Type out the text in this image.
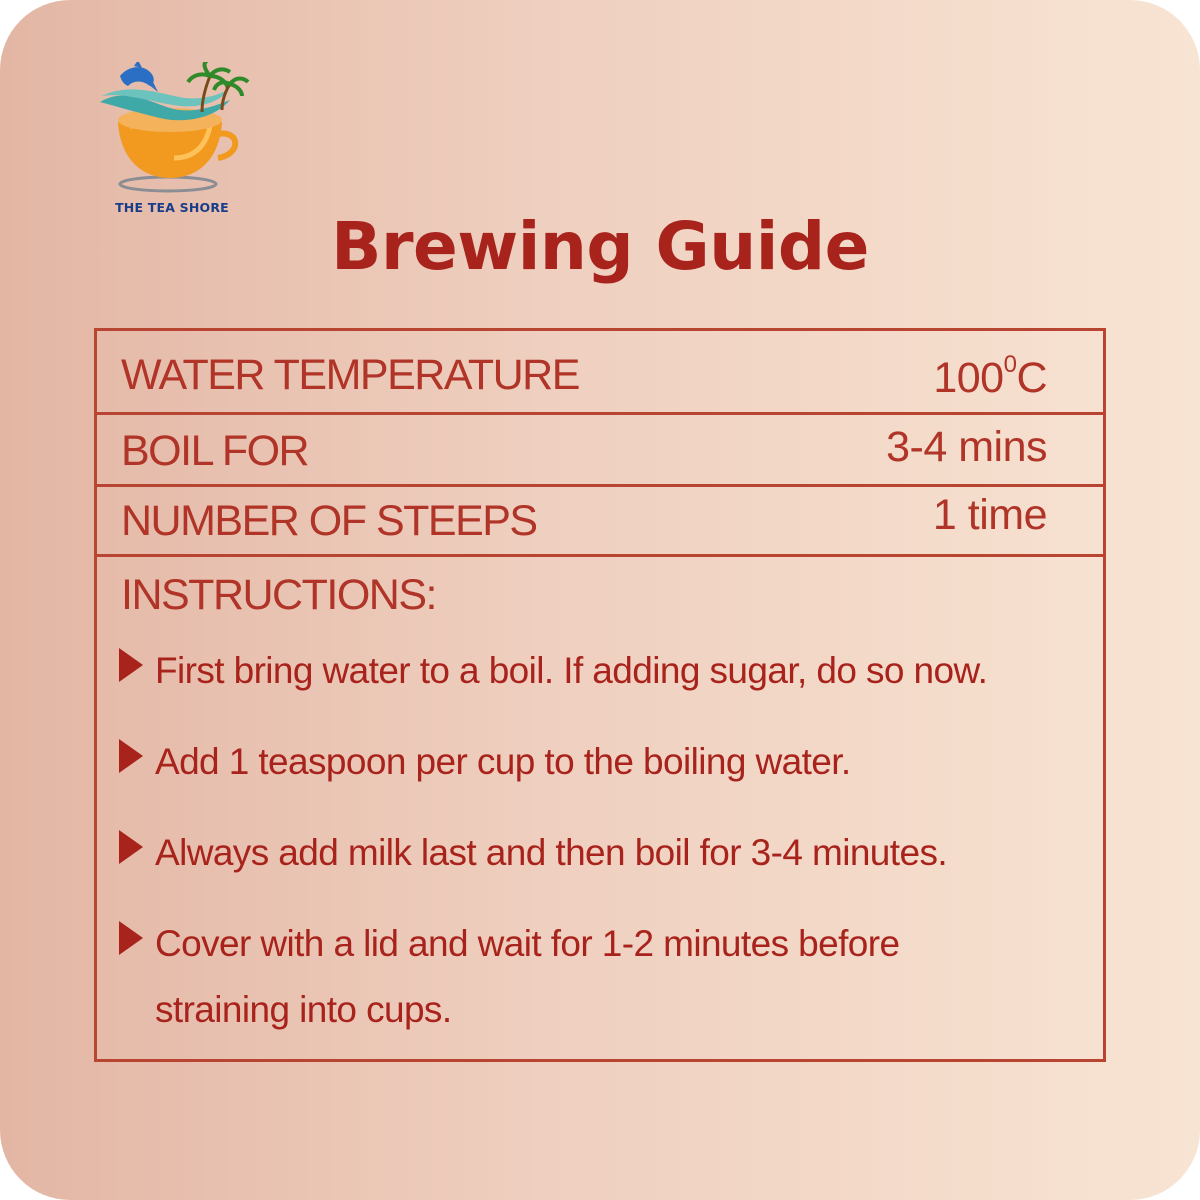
THE TEA SHORE
Brewing Guide
WATER TEMPERATURE	$100^0C$
BOIL FOR	3-4 mins
NUMBER OF STEEPS	1 time
INSTRUCTIONS:
First bring water to a boil. If adding sugar, do so now.
Add 1 teaspoon per cup to the boiling water.
Always add milk last and then boil for 3-4 minutes.
Cover with a lid and wait for 1-2 minutes before straining into cups.
